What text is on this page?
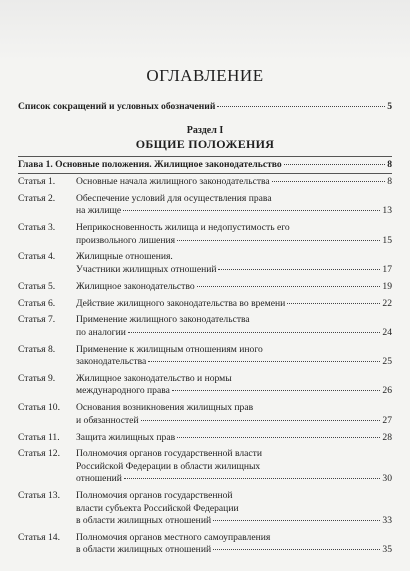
ОГЛАВЛЕНИЕ
Список сокращений и условных обозначений	5
Раздел I
ОБЩИЕ ПОЛОЖЕНИЯ
Глава 1. Основные положения. Жилищное законодательство	8
Статья 1. Основные начала жилищного законодательства	8
Статья 2. Обеспечение условий для осуществления права
на жилище	13
Статья 3. Неприкосновенность жилища и недопустимость его
произвольного лишения	15
Статья 4. Жилищные отношения.
Участники жилищных отношений	17
Статья 5. Жилищное законодательство	19
Статья 6. Действие жилищного законодательства во времени	22
Статья 7. Применение жилищного законодательства
по аналогии	24
Статья 8. Применение к жилищным отношениям иного
законодательства	25
Статья 9. Жилищное законодательство и нормы
международного права	26
Статья 10. Основания возникновения жилищных прав
и обязанностей	27
Статья 11. Защита жилищных прав	28
Статья 12. Полномочия органов государственной власти
Российской Федерации в области жилищных
отношений	30
Статья 13. Полномочия органов государственной
власти субъекта Российской Федерации
в области жилищных отношений	33
Статья 14. Полномочия органов местного самоуправления
в области жилищных отношений	35
